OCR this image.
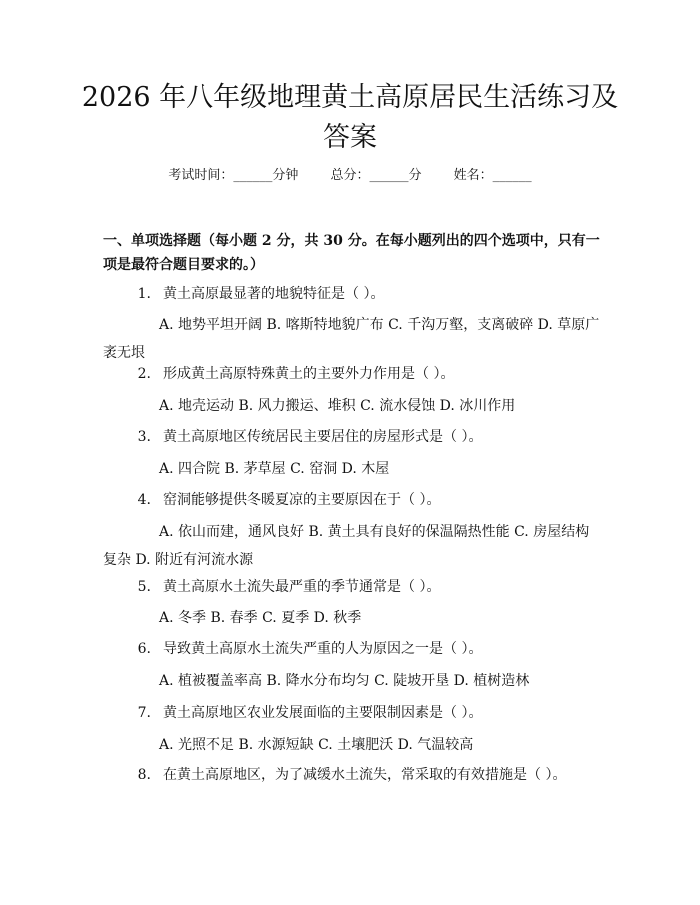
2026 年八年级地理黄土高原居民生活练习及答案
考试时间：______分钟 总分：______分 姓名：______

一、单项选择题（每小题 2 分，共 30 分。在每小题列出的四个选项中，只有一项是最符合题目要求的。）

1. 黄土高原最显著的地貌特征是（ ）。
A. 地势平坦开阔 B. 喀斯特地貌广布 C. 千沟万壑，支离破碎 D. 草原广袤无垠
2. 形成黄土高原特殊黄土的主要外力作用是（ ）。
A. 地壳运动 B. 风力搬运、堆积 C. 流水侵蚀 D. 冰川作用
3. 黄土高原地区传统居民主要居住的房屋形式是（ ）。
A. 四合院 B. 茅草屋 C. 窑洞 D. 木屋
4. 窑洞能够提供冬暖夏凉的主要原因在于（ ）。
A. 依山而建，通风良好 B. 黄土具有良好的保温隔热性能 C. 房屋结构复杂 D. 附近有河流水源
5. 黄土高原水土流失最严重的季节通常是（ ）。
A. 冬季 B. 春季 C. 夏季 D. 秋季
6. 导致黄土高原水土流失严重的人为原因之一是（ ）。
A. 植被覆盖率高 B. 降水分布均匀 C. 陡坡开垦 D. 植树造林
7. 黄土高原地区农业发展面临的主要限制因素是（ ）。
A. 光照不足 B. 水源短缺 C. 土壤肥沃 D. 气温较高
8. 在黄土高原地区，为了减缓水土流失，常采取的有效措施是（ ）。
